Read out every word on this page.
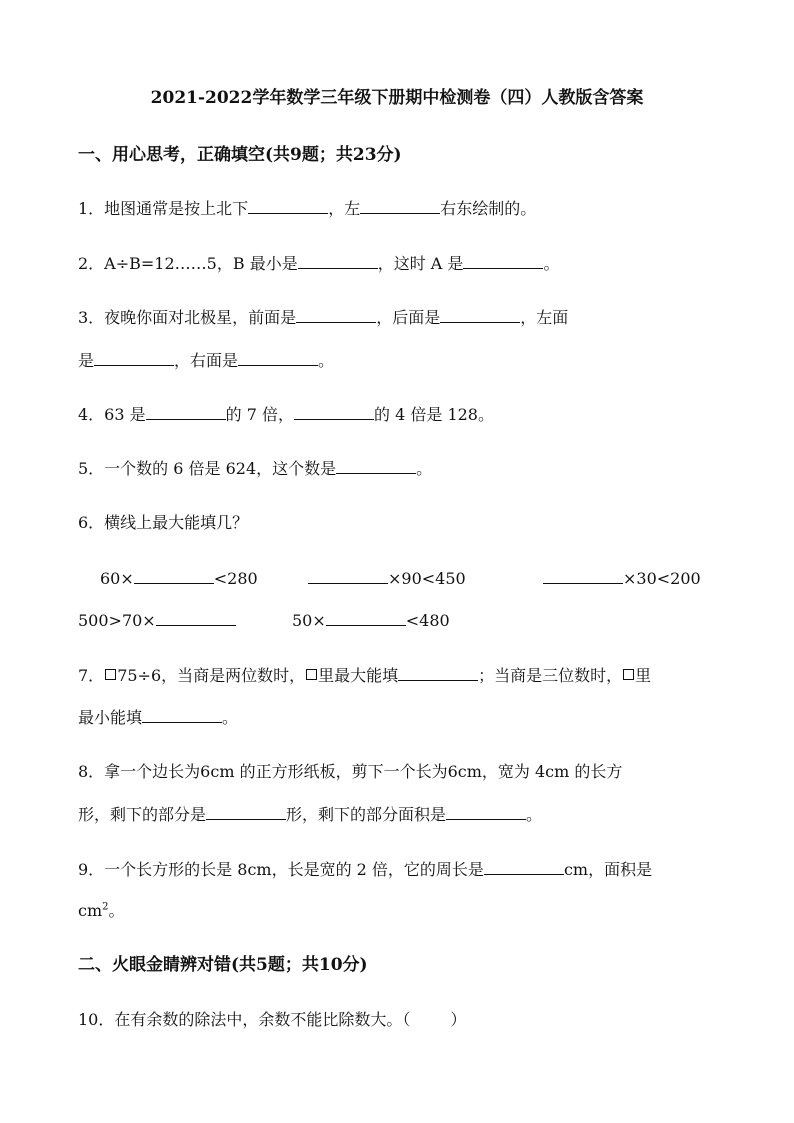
2021-2022学年数学三年级下册期中检测卷（四）人教版含答案
一、用心思考，正确填空(共9题；共23分)
1．地图通常是按上北下	，左	右东绘制的。
2．A÷B=12……5，B 最小是	，这时 A 是	。
3．夜晚你面对北极星，前面是	，后面是	，左面
是	，右面是	。
4．63 是	的 7 倍，	的 4 倍是 128。
5．一个数的 6 倍是 624，这个数是	。
6．横线上最大能填几？
60×	<280	×90<450	×30<200
500>70×	50×	<480
7． 75÷6，当商是两位数时， 里最大能填	；当商是三位数时， 里
最小能填	。
8．拿一个边长为6cm 的正方形纸板，剪下一个长为6cm，宽为 4cm 的长方
形，剩下的部分是	形，剩下的部分面积是	。
9．一个长方形的长是 8cm，长是宽的 2 倍，它的周长是	cm，面积是
$cm^2$。
二、火眼金睛辨对错(共5题；共10分)
10．在有余数的除法中，余数不能比除数大。（	）
